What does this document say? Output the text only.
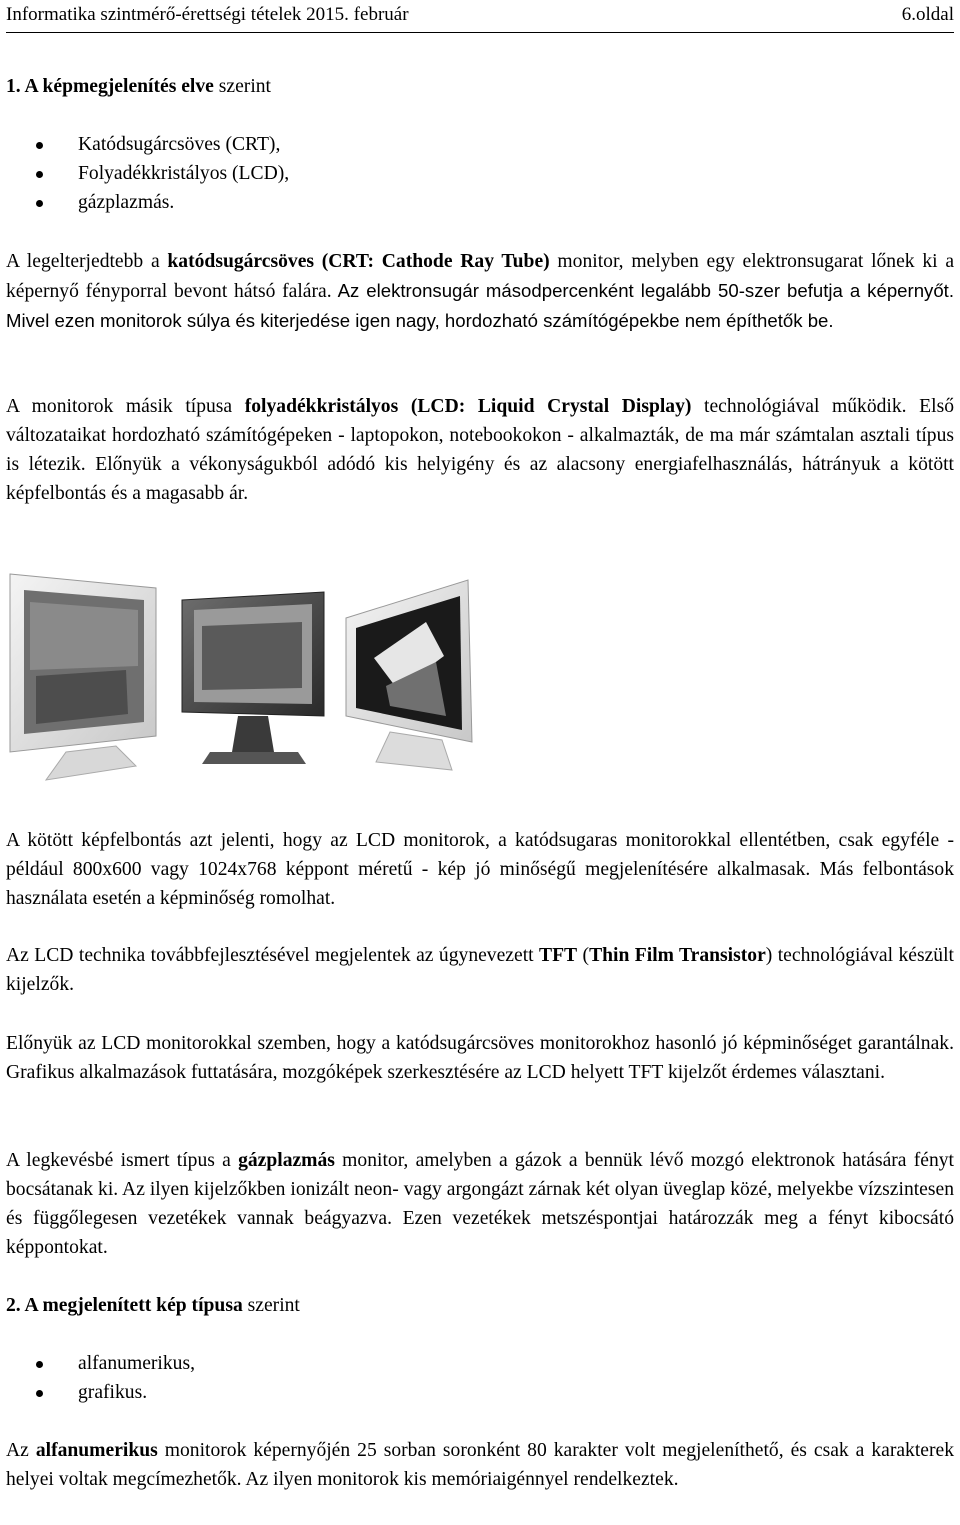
Informatika szintmérő-érettségi tételek 2015. február	6.oldal
1. A képmegjelenítés elve szerint
Katódsugárcsöves (CRT),
Folyadékkristályos (LCD),
gázplazmás.
A legelterjedtebb a katódsugárcsöves (CRT: Cathode Ray Tube) monitor, melyben egy elektronsugarat lőnek ki a képernyő fényporral bevont hátsó falára. Az elektronsugár másodpercenként legalább 50-szer befutja a képernyőt. Mivel ezen monitorok súlya és kiterjedése igen nagy, hordozható számítógépekbe nem építhetők be.
A monitorok másik típusa folyadékkristályos (LCD: Liquid Crystal Display) technológiával működik. Első változataikat hordozható számítógépeken - laptopokon, notebookokon - alkalmazták, de ma már számtalan asztali típus is létezik. Előnyük a vékonyságukból adódó kis helyigény és az alacsony energiafelhasználás, hátrányuk a kötött képfelbontás és a magasabb ár.
A kötött képfelbontás azt jelenti, hogy az LCD monitorok, a katódsugaras monitorokkal ellentétben, csak egyféle - például 800x600 vagy 1024x768 képpont méretű - kép jó minőségű megjelenítésére alkalmasak. Más felbontások használata esetén a képminőség romolhat.
Az LCD technika továbbfejlesztésével megjelentek az úgynevezett TFT (Thin Film Transistor) technológiával készült kijelzők.
Előnyük az LCD monitorokkal szemben, hogy a katódsugárcsöves monitorokhoz hasonló jó képminőséget garantálnak. Grafikus alkalmazások futtatására, mozgóképek szerkesztésére az LCD helyett TFT kijelzőt érdemes választani.
A legkevésbé ismert típus a gázplazmás monitor, amelyben a gázok a bennük lévő mozgó elektronok hatására fényt bocsátanak ki. Az ilyen kijelzőkben ionizált neon- vagy argongázt zárnak két olyan üveglap közé, melyekbe vízszintesen és függőlegesen vezetékek vannak beágyazva. Ezen vezetékek metszéspontjai határozzák meg a fényt kibocsátó képpontokat.
2. A megjelenített kép típusa szerint
alfanumerikus,
grafikus.
Az alfanumerikus monitorok képernyőjén 25 sorban soronként 80 karakter volt megjeleníthető, és csak a karakterek helyei voltak megcímezhetők. Az ilyen monitorok kis memóriaigénnyel rendelkeztek.
